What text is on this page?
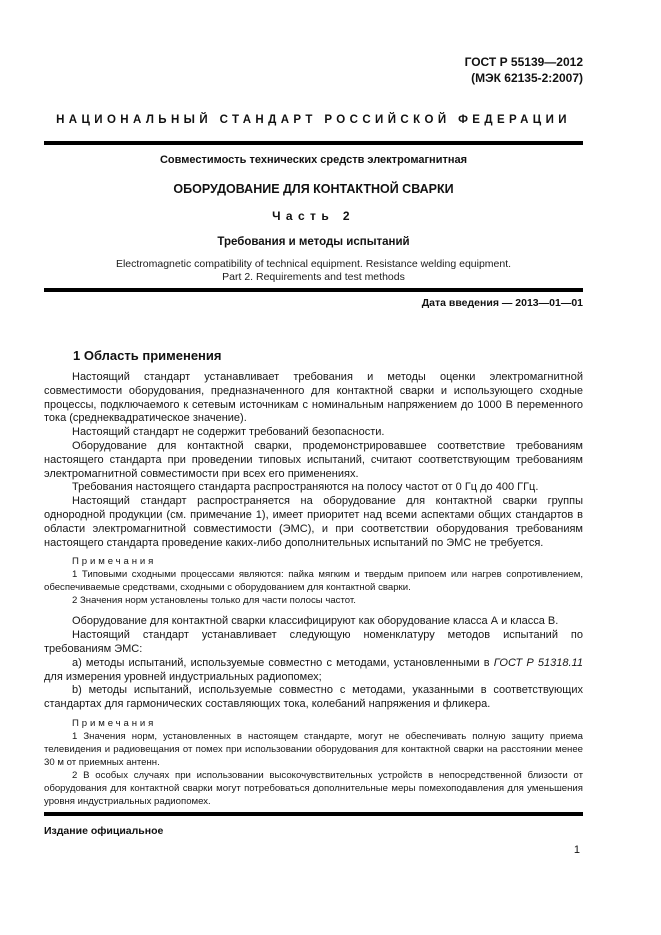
ГОСТ Р 55139—2012
(МЭК 62135-2:2007)
НАЦИОНАЛЬНЫЙ СТАНДАРТ РОССИЙСКОЙ ФЕДЕРАЦИИ
Совместимость технических средств электромагнитная
ОБОРУДОВАНИЕ ДЛЯ КОНТАКТНОЙ СВАРКИ
Часть 2
Требования и методы испытаний
Electromagnetic compatibility of technical equipment. Resistance welding equipment.
Part 2. Requirements and test methods
Дата введения — 2013—01—01
1 Область применения

Настоящий стандарт устанавливает требования и методы оценки электромагнитной совместимости оборудования, предназначенного для контактной сварки и использующего сходные процессы, подключаемого к сетевым источникам с номинальным напряжением до 1000 В переменного тока (среднеквадратическое значение).

Настоящий стандарт не содержит требований безопасности.

Оборудование для контактной сварки, продемонстрировавшее соответствие требованиям настоящего стандарта при проведении типовых испытаний, считают соответствующим требованиям электромагнитной совместимости при всех его применениях.

Требования настоящего стандарта распространяются на полосу частот от 0 Гц до 400 ГГц.

Настоящий стандарт распространяется на оборудование для контактной сварки группы однородной продукции (см. примечание 1), имеет приоритет над всеми аспектами общих стандартов в области электромагнитной совместимости (ЭМС), и при соответствии оборудования требованиям настоящего стандарта проведение каких-либо дополнительных испытаний по ЭМС не требуется.

Примечания

1 Типовыми сходными процессами являются: пайка мягким и твердым припоем или нагрев сопротивлением, обеспечиваемые средствами, сходными с оборудованием для контактной сварки.

2 Значения норм установлены только для части полосы частот.

Оборудование для контактной сварки классифицируют как оборудование класса А и класса В.

Настоящий стандарт устанавливает следующую номенклатуру методов испытаний по требованиям ЭМС:

а) методы испытаний, используемые совместно с методами, установленными в ГОСТ Р 51318.11 для измерения уровней индустриальных радиопомех;

b) методы испытаний, используемые совместно с методами, указанными в соответствующих стандартах для гармонических составляющих тока, колебаний напряжения и фликера.

Примечания

1 Значения норм, установленных в настоящем стандарте, могут не обеспечивать полную защиту приема телевидения и радиовещания от помех при использовании оборудования для контактной сварки на расстоянии менее 30 м от приемных антенн.

2 В особых случаях при использовании высокочувствительных устройств в непосредственной близости от оборудования для контактной сварки могут потребоваться дополнительные меры помехоподавления для уменьшения уровня индустриальных радиопомех.

Издание официальное
1
